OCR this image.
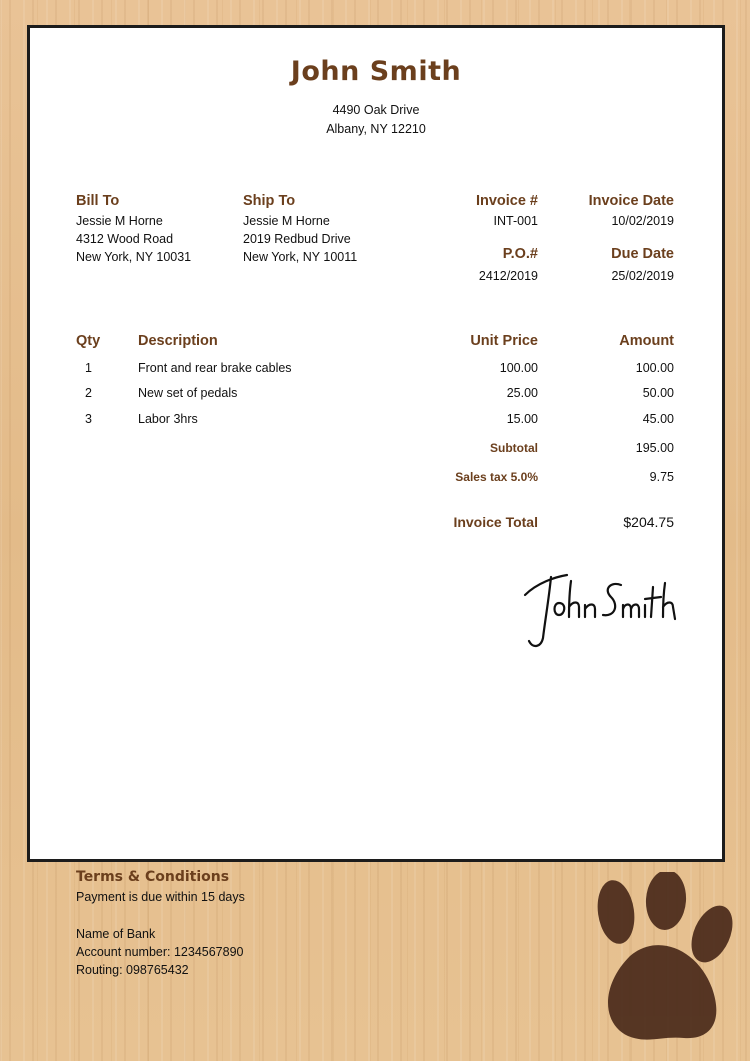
John Smith
4490 Oak Drive
Albany, NY 12210
Bill To
Jessie M Horne
4312 Wood Road
New York, NY 10031
Ship To
Jessie M Horne
2019 Redbud Drive
New York, NY 10011
Invoice #
INT-001
Invoice Date
10/02/2019
P.O.#
2412/2019
Due Date
25/02/2019
Qty	Description	Unit Price	Amount
1	Front and rear brake cables	100.00	100.00
2	New set of pedals	25.00	50.00
3	Labor 3hrs	15.00	45.00
Subtotal	195.00
Sales tax 5.0%	9.75
Invoice Total	$204.75
Terms & Conditions
Payment is due within 15 days
Name of Bank
Account number: 1234567890
Routing: 098765432
